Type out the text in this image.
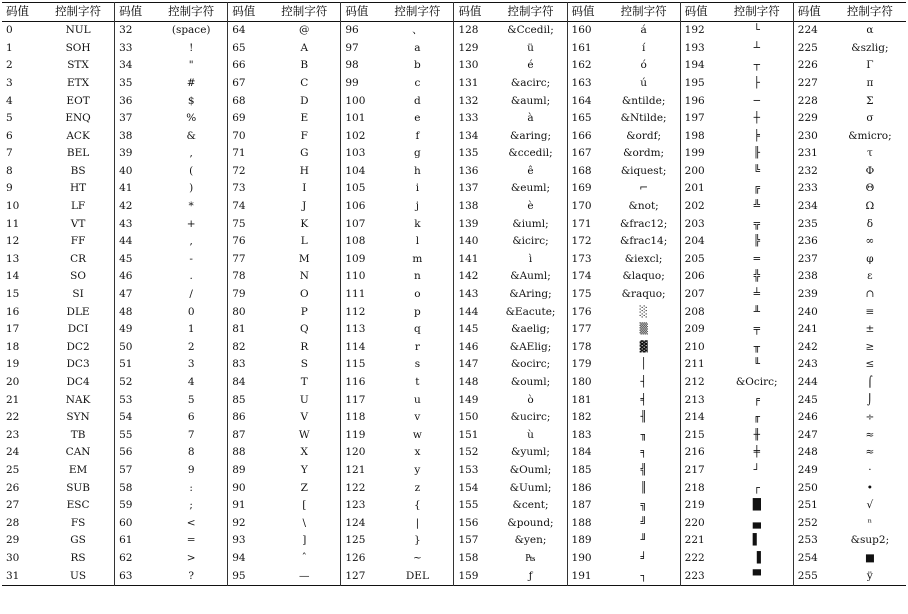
码值	控制字符	码值	控制字符	码值	控制字符	码值	控制字符	码值	控制字符	码值	控制字符	码值	控制字符	码值	控制字符
0	NUL	32	(space)	64	@	96	、	128	&Ccedil;	160	á	192	└	224	α
1	SOH	33	!	65	A	97	a	129	ü	161	í	193	┴	225	&szlig;
2	STX	34	"	66	B	98	b	130	é	162	ó	194	┬	226	Γ
3	ETX	35	#	67	C	99	c	131	&acirc;	163	ú	195	├	227	π
4	EOT	36	$	68	D	100	d	132	&auml;	164	&ntilde;	196	─	228	Σ
5	ENQ	37	%	69	E	101	e	133	à	165	&Ntilde;	197	┼	229	σ
6	ACK	38	&	70	F	102	f	134	&aring;	166	&ordf;	198	╞	230	&micro;
7	BEL	39	,	71	G	103	g	135	&ccedil;	167	&ordm;	199	╟	231	τ
8	BS	40	(	72	H	104	h	136	ê	168	&iquest;	200	╚	232	Φ
9	HT	41	)	73	I	105	i	137	&euml;	169	⌐	201	╔	233	Θ
10	LF	42	*	74	J	106	j	138	è	170	&not;	202	╩	234	Ω
11	VT	43	+	75	K	107	k	139	&iuml;	171	&frac12;	203	╦	235	δ
12	FF	44	,	76	L	108	l	140	&icirc;	172	&frac14;	204	╠	236	∞
13	CR	45	-	77	M	109	m	141	ì	173	&iexcl;	205	═	237	φ
14	SO	46	.	78	N	110	n	142	&Auml;	174	&laquo;	206	╬	238	ε
15	SI	47	/	79	O	111	o	143	&Aring;	175	&raquo;	207	╧	239	∩
16	DLE	48	0	80	P	112	p	144	&Eacute;	176	░	208	╨	240	≡
17	DCI	49	1	81	Q	113	q	145	&aelig;	177	▒	209	╤	241	±
18	DC2	50	2	82	R	114	r	146	&AElig;	178	▓	210	╥	242	≥
19	DC3	51	3	83	S	115	s	147	&ocirc;	179	│	211	╙	243	≤
20	DC4	52	4	84	T	116	t	148	&ouml;	180	┤	212	&Ocirc;	244	⌠
21	NAK	53	5	85	U	117	u	149	ò	181	╡	213	╒	245	⌡
22	SYN	54	6	86	V	118	v	150	&ucirc;	182	╢	214	╓	246	÷
23	TB	55	7	87	W	119	w	151	ù	183	╖	215	╫	247	≈
24	CAN	56	8	88	X	120	x	152	&yuml;	184	╕	216	╪	248	≈
25	EM	57	9	89	Y	121	y	153	&Ouml;	185	╣	217	┘	249	·
26	SUB	58	:	90	Z	122	z	154	&Uuml;	186	║	218	┌	250	•
27	ESC	59	;	91	[	123	{	155	&cent;	187	╗	219	█	251	√
28	FS	60	<	92	\	124	|	156	&pound;	188	╝	220	▄	252	ⁿ
29	GS	61	=	93	]	125	}	157	&yen;	189	╜	221	▌	253	&sup2;
30	RS	62	>	94	ˆ	126	~	158	₧	190	╛	222	▐	254	■
31	US	63	?	95	—	127	DEL	159	ƒ	191	┐	223	▀	255	ÿ
